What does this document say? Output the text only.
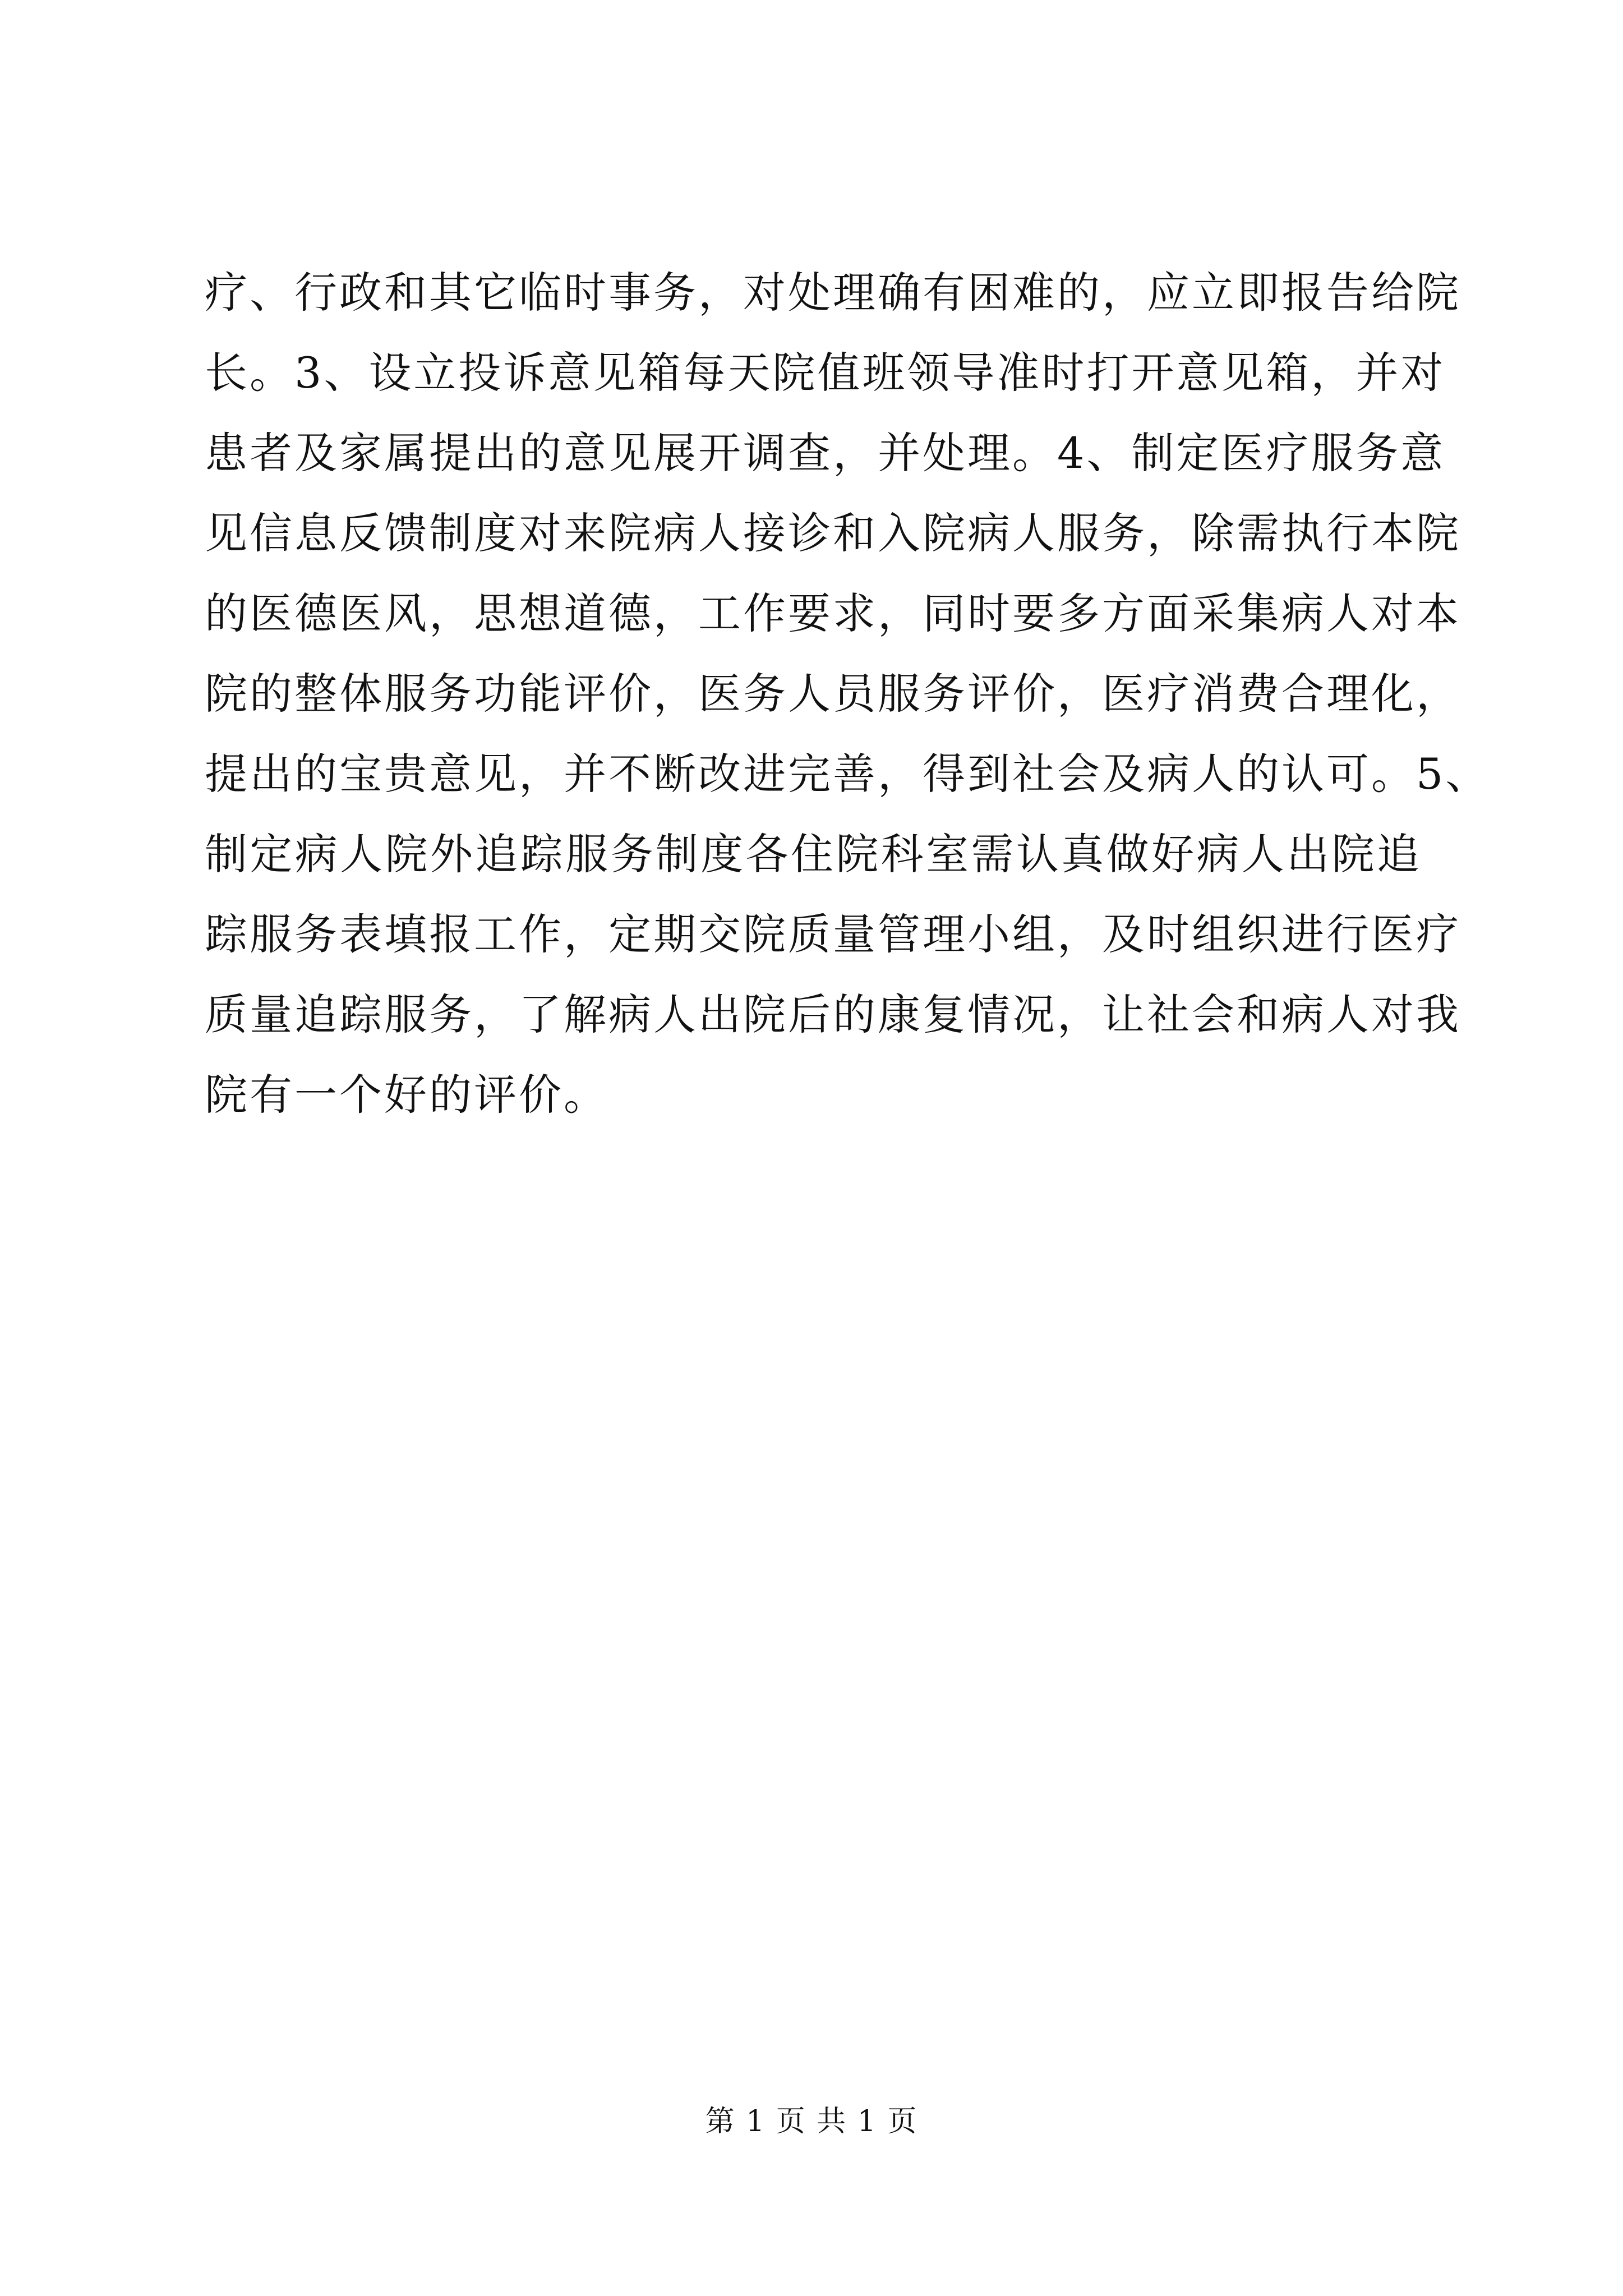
疗、行政和其它临时事务，对处理确有困难的，应立即报告给院
长。3、设立投诉意见箱每天院值班领导准时打开意见箱，并对
患者及家属提出的意见展开调查，并处理。4、制定医疗服务意
见信息反馈制度对来院病人接诊和入院病人服务，除需执行本院
的医德医风，思想道德，工作要求，同时要多方面采集病人对本
院的整体服务功能评价，医务人员服务评价，医疗消费合理化，
提出的宝贵意见，并不断改进完善，得到社会及病人的认可。5、
制定病人院外追踪服务制度各住院科室需认真做好病人出院追
踪服务表填报工作，定期交院质量管理小组，及时组织进行医疗
质量追踪服务，了解病人出院后的康复情况，让社会和病人对我
院有一个好的评价。
第 1 页 共 1 页
